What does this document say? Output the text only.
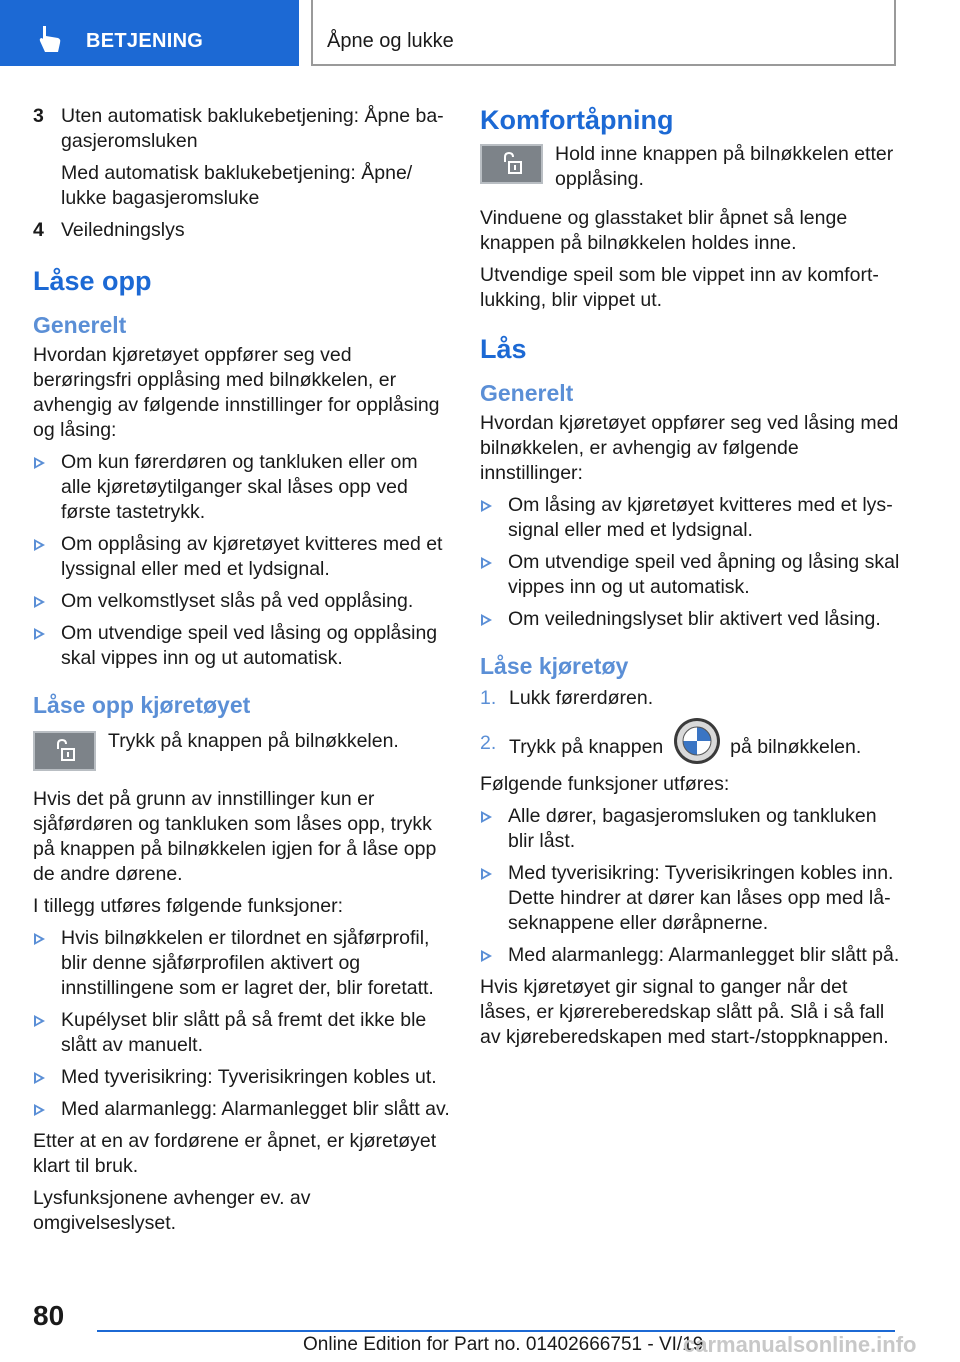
BETJENING	Åpne og lukke
3 Uten automatisk baklukebetjening: Åpne bagasjeromsluken
Med automatisk baklukebetjening: Åpne/ lukke bagasjeromsluke
4 Veiledningslys
Låse opp
Generelt
Hvordan kjøretøyet oppfører seg ved berøringsfri opplåsing med bilnøkkelen, er avhengig av følgende innstillinger for opplåsing og låsing:
Om kun førerdøren og tankluken eller om alle kjøretøytilganger skal låses opp ved første tastetrykk.
Om opplåsing av kjøretøyet kvitteres med et lyssignal eller med et lydsignal.
Om velkomstlyset slås på ved opplåsing.
Om utvendige speil ved låsing og opplåsing skal vippes inn og ut automatisk.
Låse opp kjøretøyet
Trykk på knappen på bilnøkkelen.
Hvis det på grunn av innstillinger kun er sjåførdøren og tankluken som låses opp, trykk på knappen på bilnøkkelen igjen for å låse opp de andre dørene.
I tillegg utføres følgende funksjoner:
Hvis bilnøkkelen er tilordnet en sjåførprofil, blir denne sjåførprofilen aktivert og innstillingene som er lagret der, blir foretatt.
Kupélyset blir slått på så fremt det ikke ble slått av manuelt.
Med tyverisikring: Tyverisikringen kobles ut.
Med alarmanlegg: Alarmanlegget blir slått av.
Etter at en av fordørene er åpnet, er kjøretøyet klart til bruk.
Lysfunksjonene avhenger ev. av omgivelseslyset.
Komfortåpning
Hold inne knappen på bilnøkkelen etter opplåsing.
Vinduene og glasstaket blir åpnet så lenge knappen på bilnøkkelen holdes inne.
Utvendige speil som ble vippet inn av komfortlukking, blir vippet ut.
Lås
Generelt
Hvordan kjøretøyet oppfører seg ved låsing med bilnøkkelen, er avhengig av følgende innstillinger:
Om låsing av kjøretøyet kvitteres med et lyssignal eller med et lydsignal.
Om utvendige speil ved åpning og låsing skal vippes inn og ut automatisk.
Om veiledningslyset blir aktivert ved låsing.
Låse kjøretøy
1. Lukk førerdøren.
2. Trykk på knappen	på bilnøkkelen.
Følgende funksjoner utføres:
Alle dører, bagasjeromsluken og tankluken blir låst.
Med tyverisikring: Tyverisikringen kobles inn. Dette hindrer at dører kan låses opp med låseknappene eller døråpnerne.
Med alarmanlegg: Alarmanlegget blir slått på.
Hvis kjøretøyet gir signal to ganger når det låses, er kjørereberedskap slått på. Slå i så fall av kjøreberedskapen med start-/stoppknappen.
80
Online Edition for Part no. 01402666751 - VI/19
carmanualsonline.info
